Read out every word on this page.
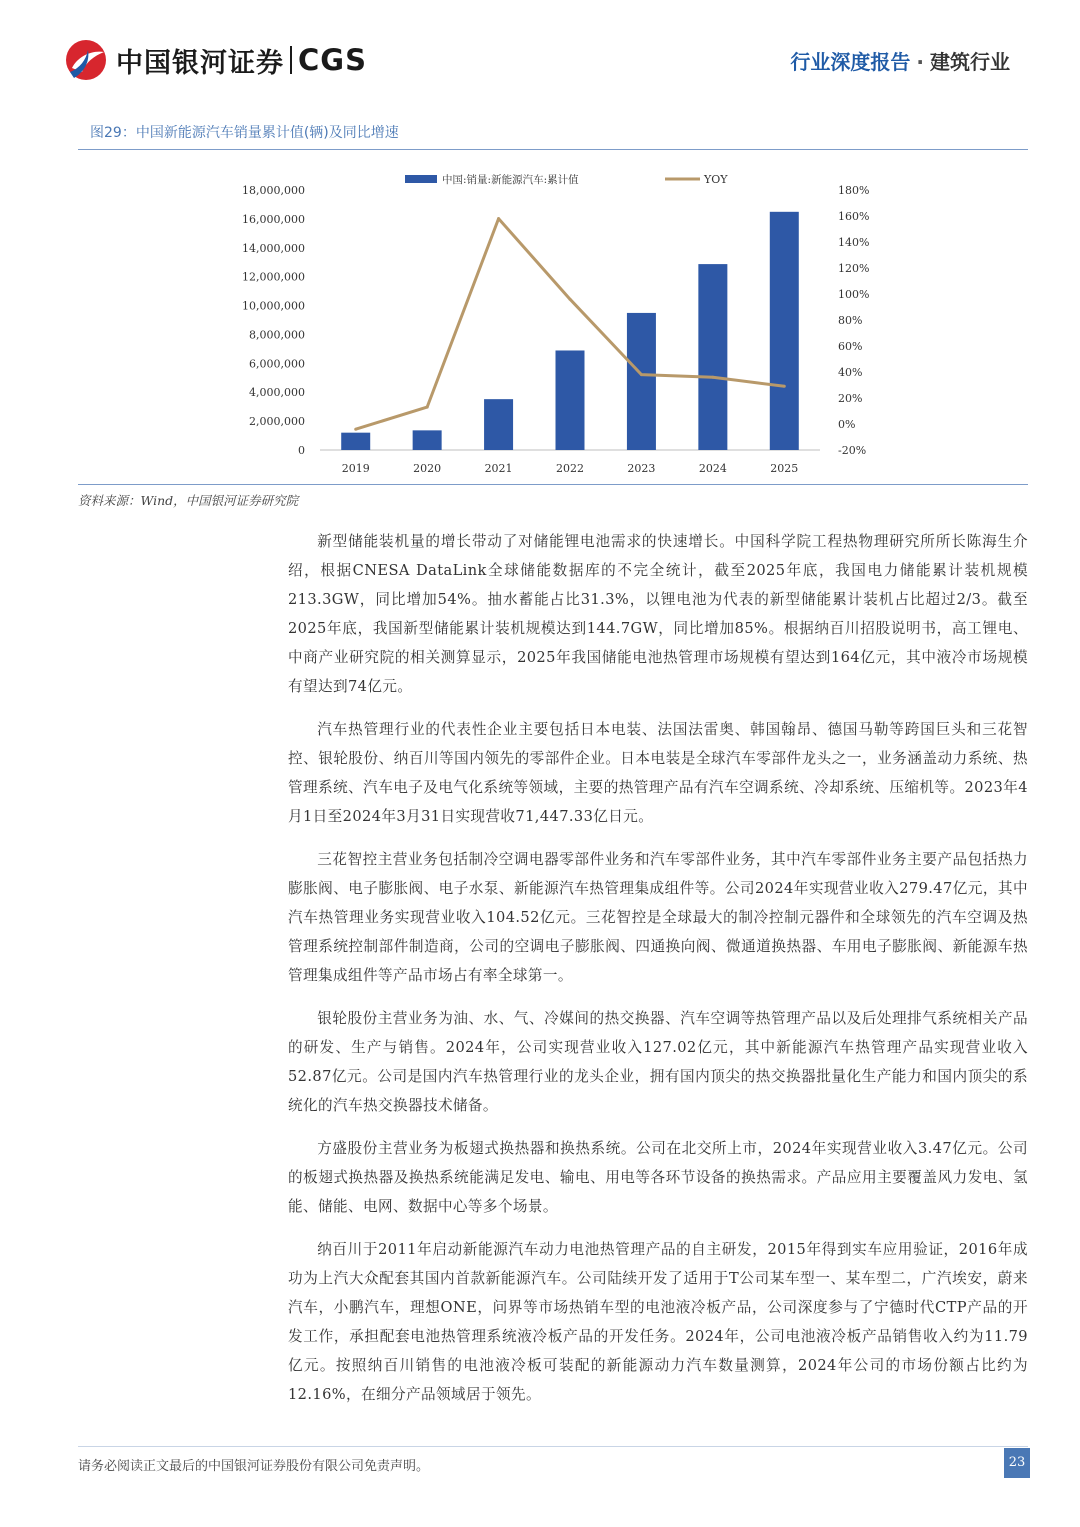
中国银河证券 CGS	行业深度报告 · 建筑行业
图29：中国新能源汽车销量累计值(辆)及同比增速
0
2,000,000
4,000,000
6,000,000
8,000,000
10,000,000
12,000,000
14,000,000
16,000,000
18,000,000
-20%
0%
20%
40%
60%
80%
100%
120%
140%
160%
180%
2019	2020	2021	2022	2023	2024	2025
中国:销量:新能源汽车:累计值	YOY
资料来源：Wind，中国银河证券研究院

新型储能装机量的增长带动了对储能锂电池需求的快速增长。中国科学院工程热物理研究所所长陈海生介绍，根据CNESA DataLink全球储能数据库的不完全统计，截至2025年底，我国电力储能累计装机规模213.3GW，同比增加54%。抽水蓄能占比31.3%，以锂电池为代表的新型储能累计装机占比超过2/3。截至2025年底，我国新型储能累计装机规模达到144.7GW，同比增加85%。根据纳百川招股说明书，高工锂电、中商产业研究院的相关测算显示，2025年我国储能电池热管理市场规模有望达到164亿元，其中液冷市场规模有望达到74亿元。

汽车热管理行业的代表性企业主要包括日本电装、法国法雷奥、韩国翰昂、德国马勒等跨国巨头和三花智控、银轮股份、纳百川等国内领先的零部件企业。日本电装是全球汽车零部件龙头之一，业务涵盖动力系统、热管理系统、汽车电子及电气化系统等领域，主要的热管理产品有汽车空调系统、冷却系统、压缩机等。2023年4月1日至2024年3月31日实现营收71,447.33亿日元。

三花智控主营业务包括制冷空调电器零部件业务和汽车零部件业务，其中汽车零部件业务主要产品包括热力膨胀阀、电子膨胀阀、电子水泵、新能源汽车热管理集成组件等。公司2024年实现营业收入279.47亿元，其中汽车热管理业务实现营业收入104.52亿元。三花智控是全球最大的制冷控制元器件和全球领先的汽车空调及热管理系统控制部件制造商，公司的空调电子膨胀阀、四通换向阀、微通道换热器、车用电子膨胀阀、新能源车热管理集成组件等产品市场占有率全球第一。

银轮股份主营业务为油、水、气、冷媒间的热交换器、汽车空调等热管理产品以及后处理排气系统相关产品的研发、生产与销售。2024年，公司实现营业收入127.02亿元，其中新能源汽车热管理产品实现营业收入52.87亿元。公司是国内汽车热管理行业的龙头企业，拥有国内顶尖的热交换器批量化生产能力和国内顶尖的系统化的汽车热交换器技术储备。

方盛股份主营业务为板翅式换热器和换热系统。公司在北交所上市，2024年实现营业收入3.47亿元。公司的板翅式换热器及换热系统能满足发电、输电、用电等各环节设备的换热需求。产品应用主要覆盖风力发电、氢能、储能、电网、数据中心等多个场景。

纳百川于2011年启动新能源汽车动力电池热管理产品的自主研发，2015年得到实车应用验证，2016年成功为上汽大众配套其国内首款新能源汽车。公司陆续开发了适用于T公司某车型一、某车型二，广汽埃安，蔚来汽车，小鹏汽车，理想ONE，问界等市场热销车型的电池液冷板产品，公司深度参与了宁德时代CTP产品的开发工作，承担配套电池热管理系统液冷板产品的开发任务。2024年，公司电池液冷板产品销售收入约为11.79亿元。按照纳百川销售的电池液冷板可装配的新能源动力汽车数量测算，2024年公司的市场份额占比约为12.16%，在细分产品领域居于领先。

请务必阅读正文最后的中国银河证券股份有限公司免责声明。	23
